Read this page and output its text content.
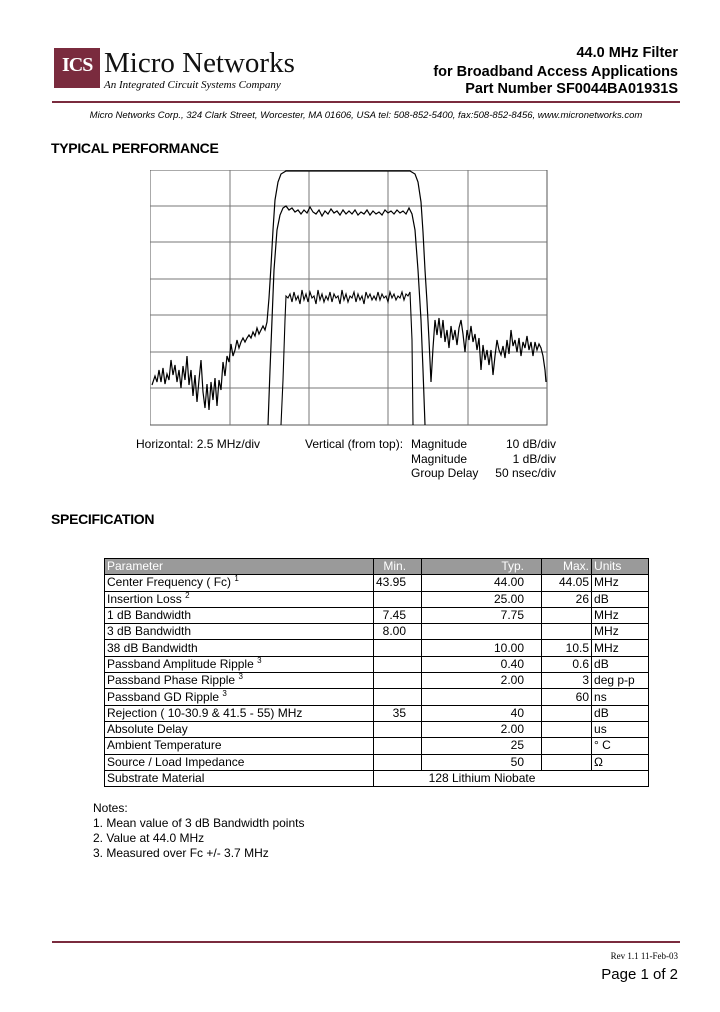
ICS Micro Networks
An Integrated Circuit Systems Company
44.0 MHz Filter
for Broadband Access Applications
Part Number SF0044BA01931S
Micro Networks Corp., 324 Clark Street, Worcester, MA 01606, USA tel: 508-852-5400, fax:508-852-8456, www.micronetworks.com
TYPICAL PERFORMANCE
Horizontal: 2.5 MHz/div	Vertical (from top): Magnitude
Magnitude
Group Delay
10 dB/div
1 dB/div
50 nsec/div
SPECIFICATION
Parameter	Min.	Typ.	Max.	Units
Center Frequency ( Fc) $^1$	43.95	44.00	44.05	MHz
Insertion Loss $^2$		25.00	26	dB
1 dB Bandwidth	7.45	7.75		MHz
3 dB Bandwidth	8.00			MHz
38 dB Bandwidth		10.00	10.5	MHz
Passband Amplitude Ripple $^3$		0.40	0.6	dB
Passband Phase Ripple $^3$		2.00	3	deg p-p
Passband GD Ripple $^3$			60	ns
Rejection ( 10-30.9 & 41.5 - 55) MHz	35	40		dB
Absolute Delay		2.00		us
Ambient Temperature		25		° C
Source / Load Impedance		50		Ω
Substrate Material	128 Lithium Niobate			
Notes:
1. Mean value of 3 dB Bandwidth points
2. Value at 44.0 MHz
3. Measured over Fc +/- 3.7 MHz
Rev 1.1 11-Feb-03
Page 1 of 2
